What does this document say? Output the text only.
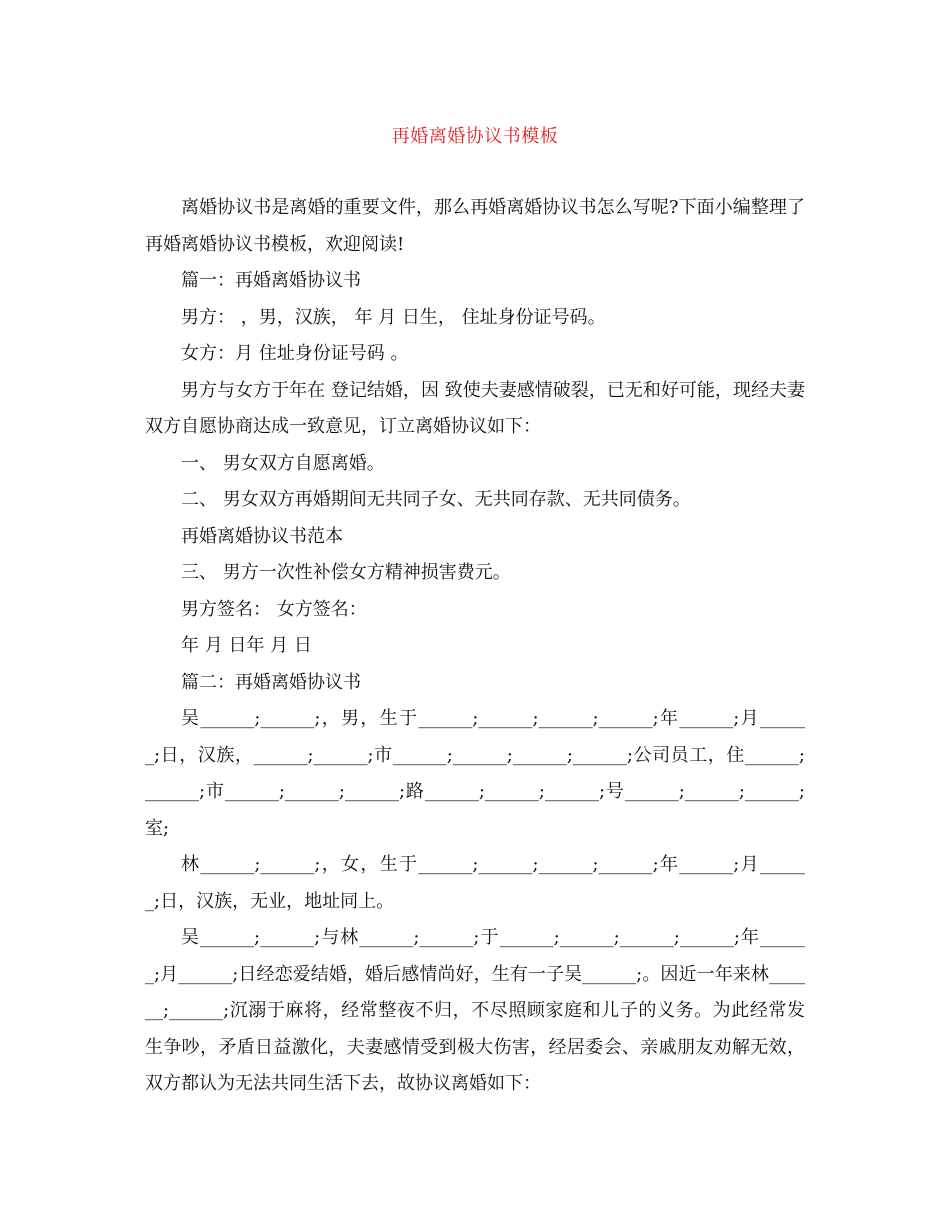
再婚离婚协议书模板

离婚协议书是离婚的重要文件，那么再婚离婚协议书怎么写呢?下面小编整理了再婚离婚协议书模板，欢迎阅读!

篇一：再婚离婚协议书

男方： ，男，汉族， 年 月 日生， 住址身份证号码。

女方：月 住址身份证号码 。

男方与女方于年在 登记结婚，因 致使夫妻感情破裂，已无和好可能，现经夫妻双方自愿协商达成一致意见，订立离婚协议如下：

一、 男女双方自愿离婚。

二、 男女双方再婚期间无共同子女、无共同存款、无共同债务。

再婚离婚协议书范本

三、 男方一次性补偿女方精神损害费元。

男方签名： 女方签名：

年 月 日年 月 日

篇二：再婚离婚协议书

吴______;______;，男，生于______;______;______;______;年______;月______;日，汉族，______;______;市______;______;______;______;公司员工，住______;______;市______;______;______;路______;______;______;号______;______;______;室;

林______;______;，女，生于______;______;______;______;年______;月______;日，汉族，无业，地址同上。

吴______;______;与林______;______;于______;______;______;______;年______;月______;日经恋爱结婚，婚后感情尚好，生有一子吴______;。因近一年来林______;______;沉溺于麻将，经常整夜不归，不尽照顾家庭和儿子的义务。为此经常发生争吵，矛盾日益激化，夫妻感情受到极大伤害，经居委会、亲戚朋友劝解无效，双方都认为无法共同生活下去，故协议离婚如下：
